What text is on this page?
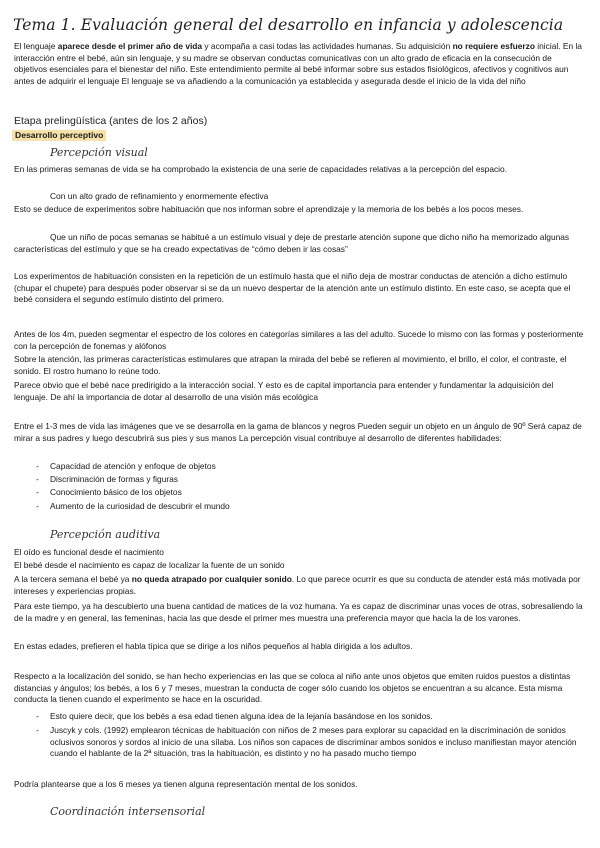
Tema 1. Evaluación general del desarrollo en infancia y adolescencia
El lenguaje aparece desde el primer año de vida y acompaña a casi todas las actividades humanas. Su adquisición no requiere esfuerzo inicial. En la interacción entre el bebé, aún sin lenguaje, y su madre se observan conductas comunicativas con un alto grado de eficacia en la consecución de objetivos esenciales para el bienestar del niño. Este entendimiento permite al bebé informar sobre sus estados fisiológicos, afectivos y cognitivos aun antes de adquirir el lenguaje El lenguaje se va añadiendo a la comunicación ya establecida y asegurada desde el inicio de la vida del niño
Etapa prelingüística (antes de los 2 años)
Desarrollo perceptivo
Percepción visual
En las primeras semanas de vida se ha comprobado la existencia de una serie de capacidades relativas a la percepción del espacio.
Con un alto grado de refinamiento y enormemente efectiva
Esto se deduce de experimentos sobre habituación que nos informan sobre el aprendizaje y la memoria de los bebés a los pocos meses.
Que un niño de pocas semanas se habitué a un estímulo visual y deje de prestarle atención supone que dicho niño ha memorizado algunas características del estímulo y que se ha creado expectativas de “cómo deben ir las cosas”
Los experimentos de habituación consisten en la repetición de un estímulo hasta que el niño deja de mostrar conductas de atención a dicho estímulo (chupar el chupete) para después poder observar si se da un nuevo despertar de la atención ante un estímulo distinto. En este caso, se acepta que el bebé considera el segundo estímulo distinto del primero.
Antes de los 4m, pueden segmentar el espectro de los colores en categorías similares a las del adulto. Sucede lo mismo con las formas y posteriormente con la percepción de fonemas y alófonos
Sobre la atención, las primeras características estimulares que atrapan la mirada del bebé se refieren al movimiento, el brillo, el color, el contraste, el sonido. El rostro humano lo reúne todo.
Parece obvio que el bebé nace predirigido a la interacción social. Y esto es de capital importancia para entender y fundamentar la adquisición del lenguaje. De ahí la importancia de dotar al desarrollo de una visión más ecológica
Entre el 1-3 mes de vida las imágenes que ve se desarrolla en la gama de blancos y negros Pueden seguir un objeto en un ángulo de 90º Será capaz de mirar a sus padres y luego descubrirá sus pies y sus manos La percepción visual contribuye al desarrollo de diferentes habilidades:
-	Capacidad de atención y enfoque de objetos
-	Discriminación de formas y figuras
-	Conocimiento básico de los objetos
-	Aumento de la curiosidad de descubrir el mundo
Percepción auditiva
El oído es funcional desde el nacimiento
El bebé desde el nacimiento es capaz de localizar la fuente de un sonido
A la tercera semana el bebé ya no queda atrapado por cualquier sonido. Lo que parece ocurrir es que su conducta de atender está más motivada por intereses y experiencias propias.
Para este tiempo, ya ha descubierto una buena cantidad de matices de la voz humana. Ya es capaz de discriminar unas voces de otras, sobresaliendo la de la madre y en general, las femeninas, hacia las que desde el primer mes muestra una preferencia mayor que hacia la de los varones.
En estas edades, prefieren el habla típica que se dirige a los niños pequeños al habla dirigida a los adultos.
Respecto a la localización del sonido, se han hecho experiencias en las que se coloca al niño ante unos objetos que emiten ruidos puestos a distintas distancias y ángulos; los bebés, a los 6 y 7 meses, muestran la conducta de coger sólo cuando los objetos se encuentran a su alcance. Esta misma conducta la tienen cuando el experimento se hace en la oscuridad.
-	Esto quiere decir, que los bebés a esa edad tienen alguna idea de la lejanía basándose en los sonidos.
-	Juscyk y cols. (1992) emplearon técnicas de habituación con niños de 2 meses para explorar su capacidad en la discriminación de sonidos oclusivos sonoros y sordos al inicio de una sílaba. Los niños son capaces de discriminar ambos sonidos e incluso manifiestan mayor atención cuando el hablante de la 2ª situación, tras la habituación, es distinto y no ha pasado mucho tiempo
Podría plantearse que a los 6 meses ya tienen alguna representación mental de los sonidos.
Coordinación intersensorial
